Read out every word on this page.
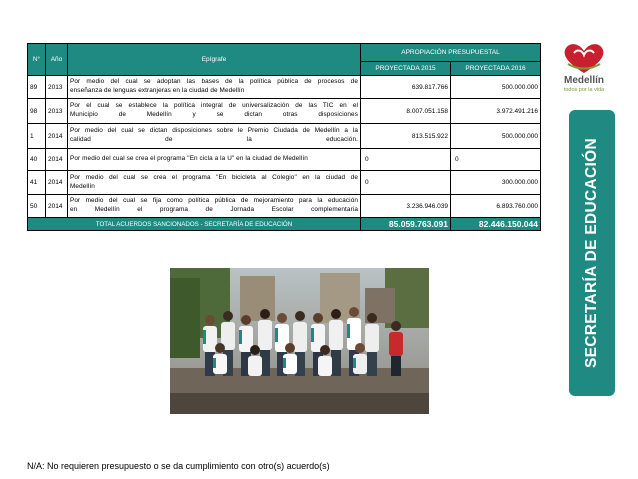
N°	Año	Epígrafe	APROPIACIÓN PRESUPUESTAL	
			PROYECTADA 2015	PROYECTADA 2016
89	2013	Por medio del cual se adoptan las bases de la política pública de procesos de
enseñanza de lenguas extranjeras en la ciudad de Medellín	639.817.766	500.000.000
98	2013	Por el cual se establece la política integral de universalización de las TIC en el
Municipio de Medellín y se dictan otras disposiciones	8.007.051.158	3.972.491.216
1	2014	Por medio del cual se dictan disposiciones sobre le Premio Ciudada de Medellín a la
calidad de la educación.	813.515.922	500.000.000
40	2014	Por medio del cual se crea el programa "En cicla a la U" en la ciudad de Medellín	0	0
41	2014	Por medio del cual se crea el programa "En bicicleta al Colegio" en la ciudad de
Medellín	0	300.000.000
50	2014	Por medio del cual se fija como política pública de mejoramiento para la educación
en Medellín el programa de Jornada Escolar complementaria	3.236.946.039	6.893.760.000
TOTAL ACUERDOS SANCIONADOS - SECRETARÍA DE EDUCACIÓN			85.059.763.091	82.446.150.044
Medellín
todos por la vida
SECRETARÍA DE EDUCACIÓN
N/A: No requieren presupuesto o se da cumplimiento con otro(s) acuerdo(s)
